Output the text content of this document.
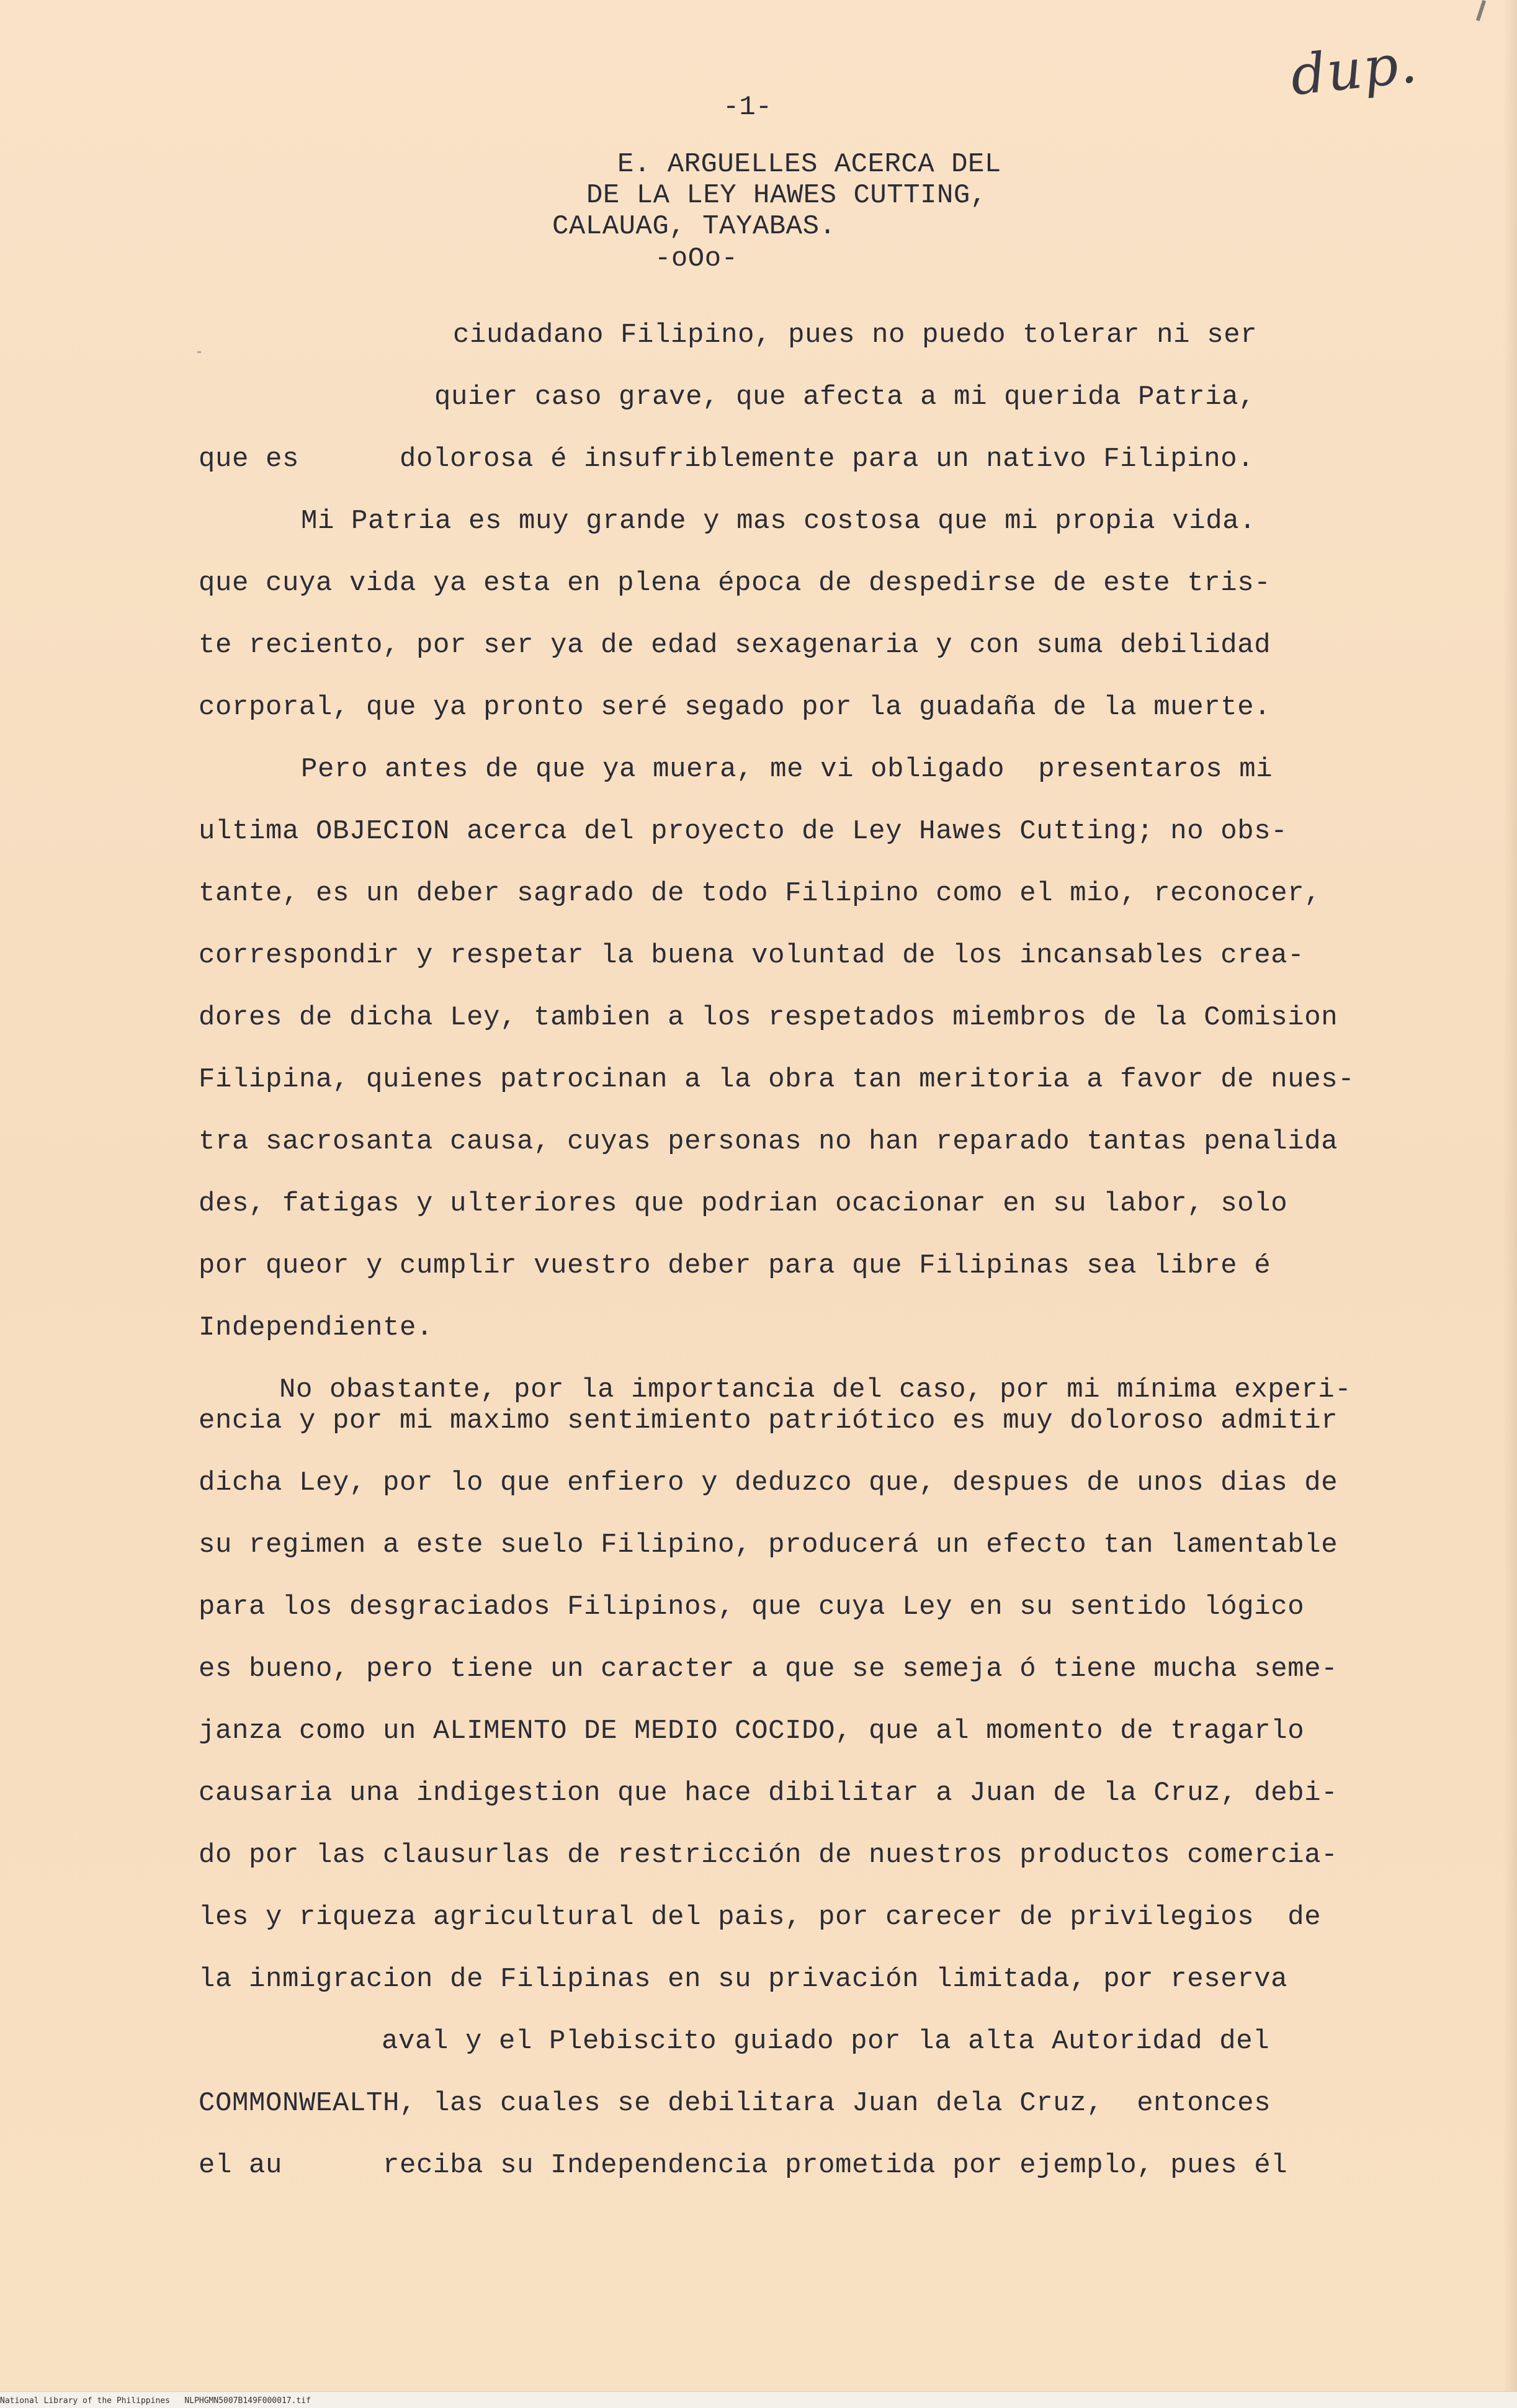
dup.
-1-
E. ARGUELLES ACERCA DEL
DE LA LEY HAWES CUTTING,
CALAUAG, TAYABAS.
-oOo-
ciudadano Filipino, pues no puedo tolerar ni ser
quier caso grave, que afecta a mi querida Patria,
que es      dolorosa é insufriblemente para un nativo Filipino.
Mi Patria es muy grande y mas costosa que mi propia vida.
que cuya vida ya esta en plena época de despedirse de este tris-
te reciento, por ser ya de edad sexagenaria y con suma debilidad
corporal, que ya pronto seré segado por la guadaña de la muerte.
Pero antes de que ya muera, me vi obligado  presentaros mi
ultima OBJECION acerca del proyecto de Ley Hawes Cutting; no obs-
tante, es un deber sagrado de todo Filipino como el mio, reconocer,
correspondir y respetar la buena voluntad de los incansables crea-
dores de dicha Ley, tambien a los respetados miembros de la Comision
Filipina, quienes patrocinan a la obra tan meritoria a favor de nues-
tra sacrosanta causa, cuyas personas no han reparado tantas penalida
des, fatigas y ulteriores que podrian ocacionar en su labor, solo
por queor y cumplir vuestro deber para que Filipinas sea libre é
Independiente.
No obastante, por la importancia del caso, por mi mínima experi-
encia y por mi maximo sentimiento patriótico es muy doloroso admitir
dicha Ley, por lo que enfiero y deduzco que, despues de unos dias de
su regimen a este suelo Filipino, producerá un efecto tan lamentable
para los desgraciados Filipinos, que cuya Ley en su sentido lógico
es bueno, pero tiene un caracter a que se semeja ó tiene mucha seme-
janza como un ALIMENTO DE MEDIO COCIDO, que al momento de tragarlo
causaria una indigestion que hace dibilitar a Juan de la Cruz, debi-
do por las clausurlas de restricción de nuestros productos comercia-
les y riqueza agricultural del pais, por carecer de privilegios  de
la inmigracion de Filipinas en su privación limitada, por reserva
aval y el Plebiscito guiado por la alta Autoridad del
COMMONWEALTH, las cuales se debilitara Juan dela Cruz,  entonces
el au      reciba su Independencia prometida por ejemplo, pues él
National Library of the Philippines   NLPHGMN5007B149F000017.tif
